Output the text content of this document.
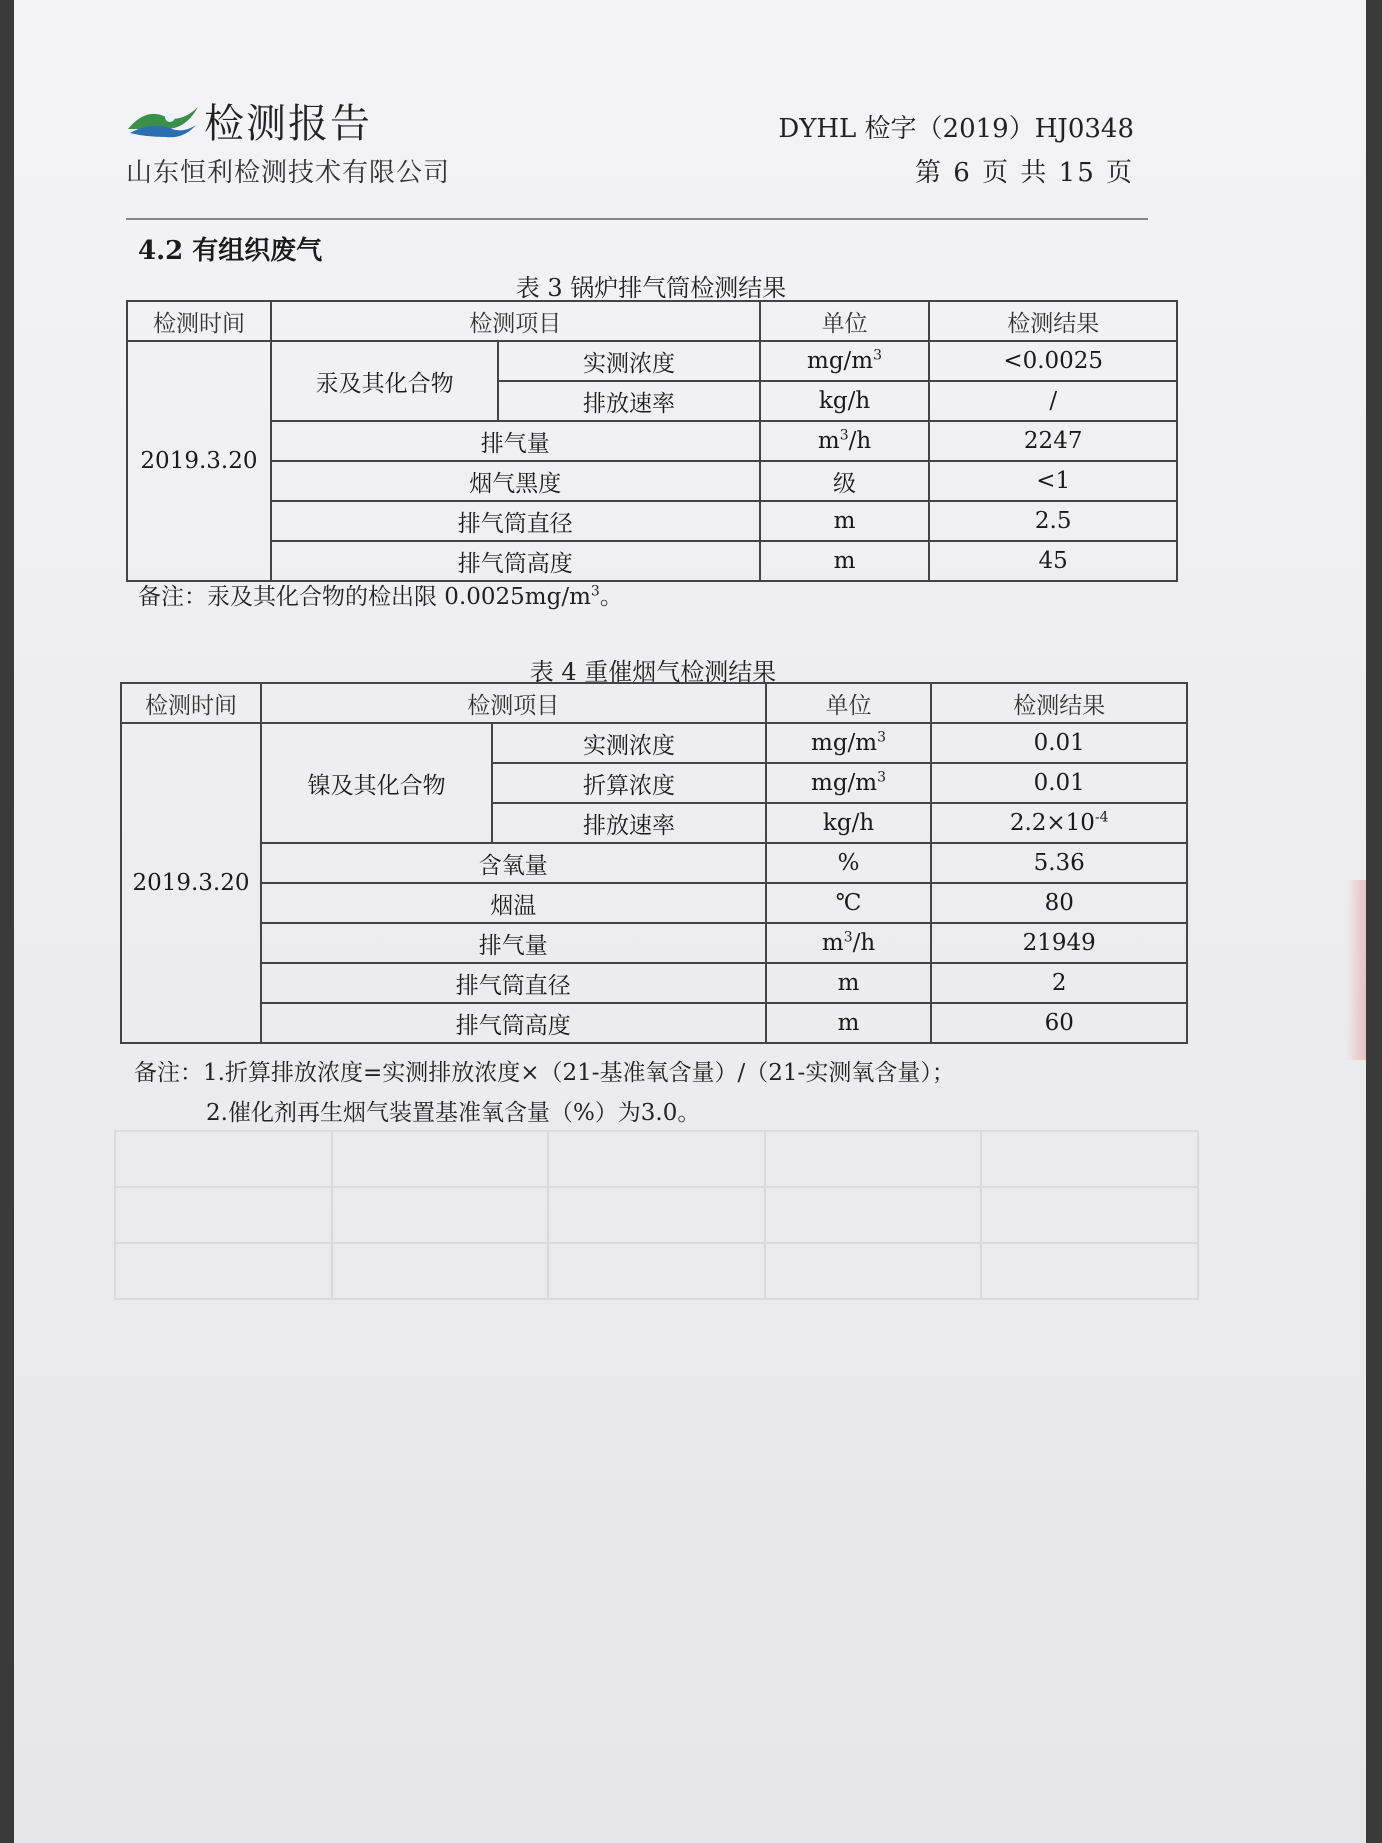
检测报告
山东恒利检测技术有限公司
DYHL 检字（2019）HJ0348
第 6 页 共 15 页
4.2 有组织废气
表 3 锅炉排气筒检测结果
检测时间	检测项目		单位	检测结果
2019.3.20	汞及其化合物	实测浓度	$mg/m^3$	<0.0025
		排放速率	kg/h	/
	排气量		$m^3/h$	2247
	烟气黑度		级	<1
	排气筒直径		m	2.5
	排气筒高度		m	45
备注：汞及其化合物的检出限 $0.0025mg/m^3$。
表 4 重催烟气检测结果
检测时间	检测项目		单位	检测结果
2019.3.20	镍及其化合物	实测浓度	$mg/m^3$	0.01
		折算浓度	$mg/m^3$	0.01
		排放速率	kg/h	$2.2\times 10^{-4}$
	含氧量		%	5.36
	烟温		℃	80
	排气量		$m^3/h$	21949
	排气筒直径		m	2
	排气筒高度		m	60
备注：1.折算排放浓度=实测排放浓度×（21-基准氧含量）/（21-实测氧含量）；
2.催化剂再生烟气装置基准氧含量（%）为3.0。
